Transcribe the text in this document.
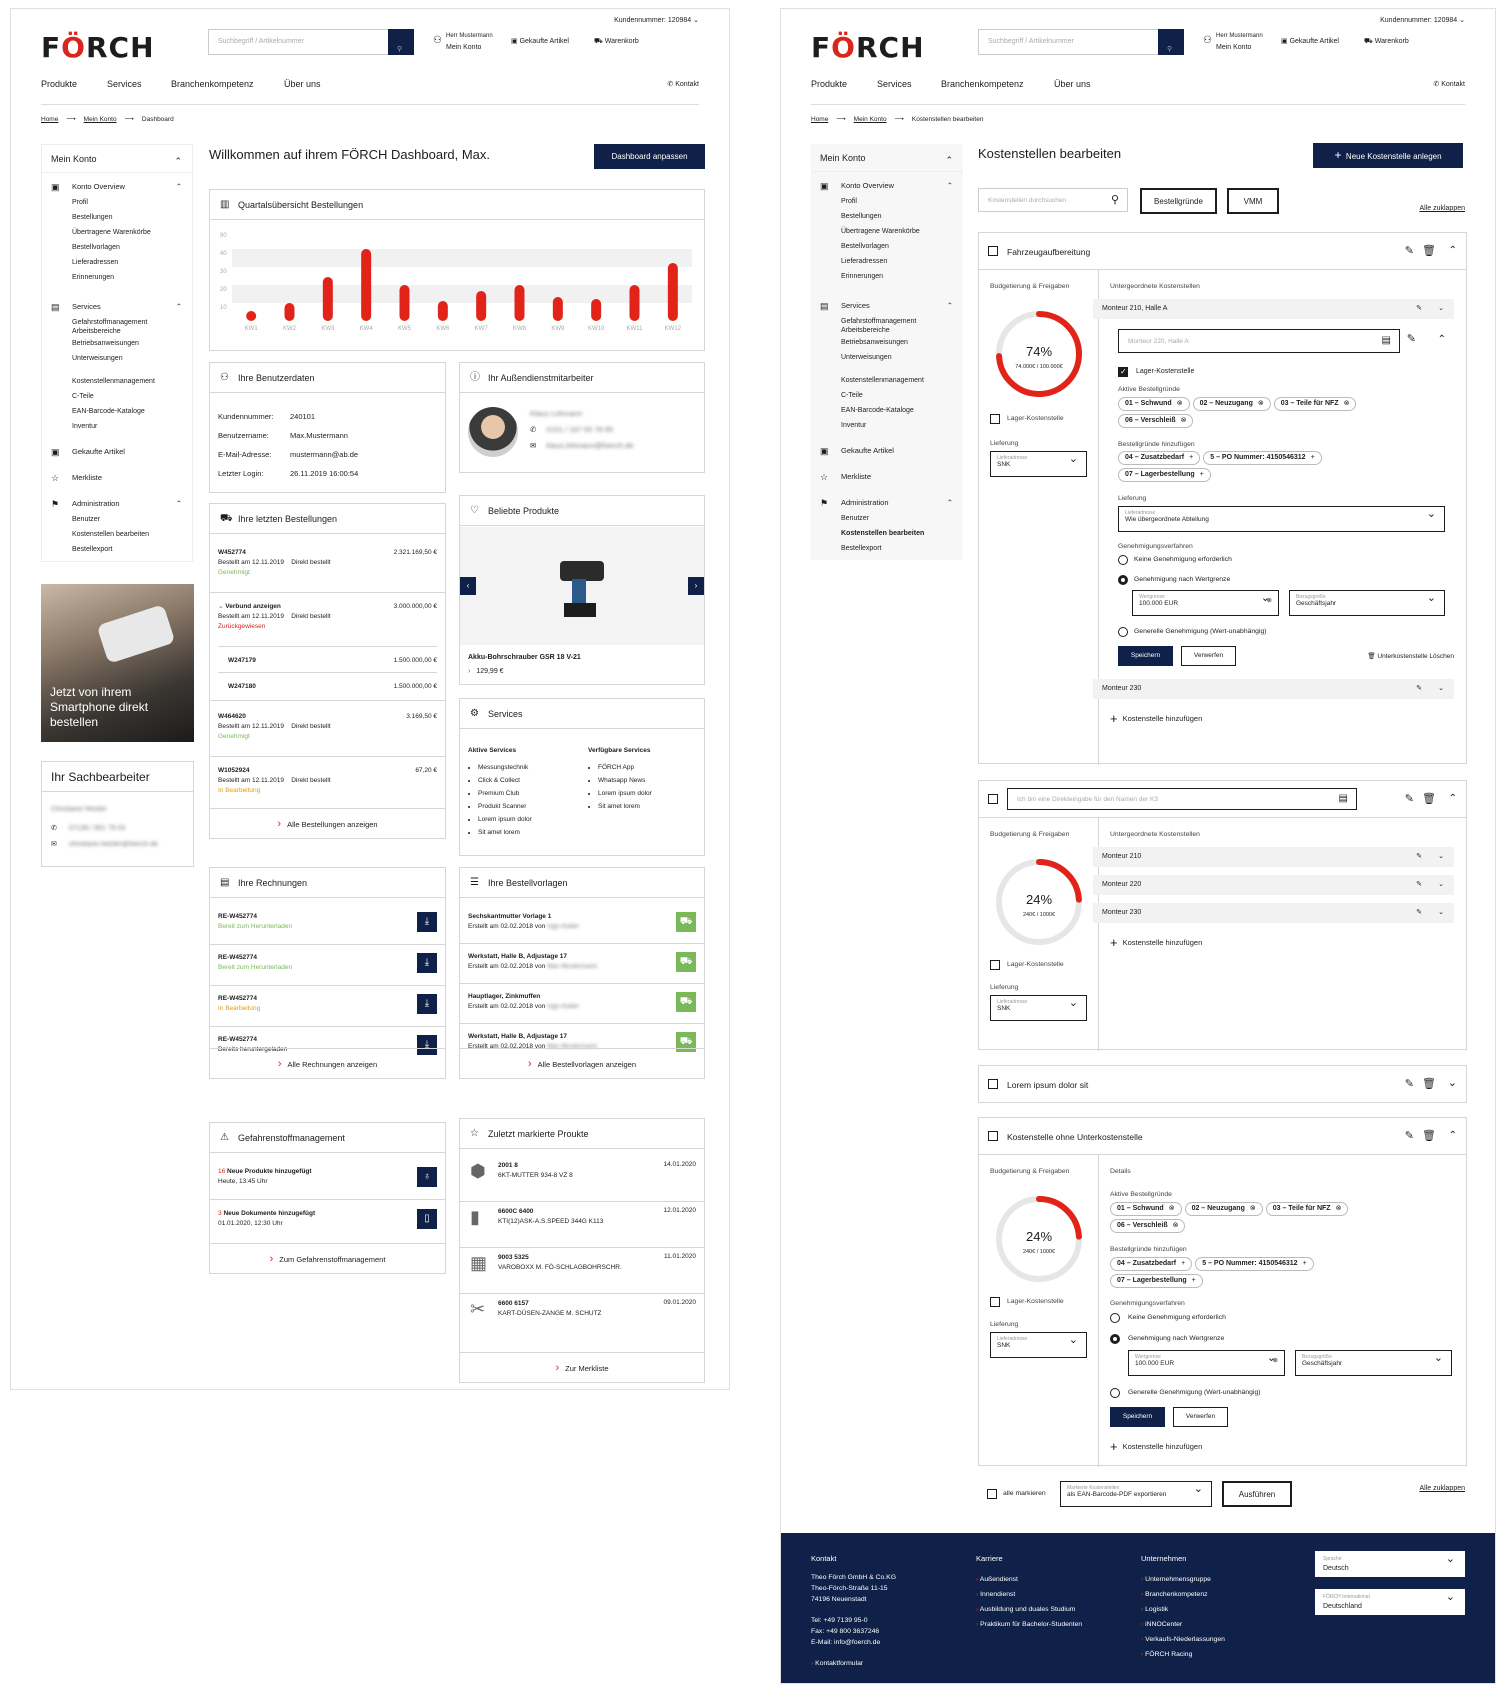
FÖRCH	Suchbegriff / Artikelnummer
⚲
Kundennummer: 120984 ⌄
⚇ Herr Mustermann
Mein Konto
▣ Gekaufte Artikel	⛟ Warenkorb
Produkte	Services	Branchenkompetenz	Über uns	✆ Kontakt
Home ⟶ Mein Konto ⟶ Dashboard
Mein Konto ⌃
▣ Konto Overview	⌃
Profil
Bestellungen
Übertragene Warenkörbe
Bestellvorlagen
Lieferadressen
Erinnerungen
▤ Services	⌃
Gefahrstoffmanagement Arbeitsbereiche
Betriebsanweisungen
Unterweisungen
Kostenstellenmanagement
C-Teile
EAN-Barcode-Kataloge
Inventur
▣ Gekaufte Artikel
☆ Merkliste
⚑ Administration	⌃
Benutzer
Kostenstellen bearbeiten
Bestellexport
Jetzt von ihrem Smartphone direkt bestellen
Ihr Sachbearbeiter
Christiane Hetzler
✆ 07139 / 951 79 03
✉ christiane.hetzler@foerch.de
Willkommen auf ihrem FÖRCH Dashboard, Max.	Dashboard anpassen
▥ Quartalsübersicht Bestellungen
90
40
30
20
10
KW1	KW2	KW3	KW4	KW5	KW6	KW7	KW8	KW9	KW10	KW11	KW12
⚇ Ihre Benutzerdaten
Kundennummer: 240101
Benutzername:	Max.Mustermann
E-Mail-Adresse: mustermann@ab.de
Letzter Login:	26.11.2019 16:00:54
ⓘ Ihr Außendienstmitarbeiter
Klaus Lohmann
✆ 0151 / 167 55 78 85
✉ klaus.lohmann@foerch.de
⛟ Ihre letzten Bestellungen
W452774	2.321.169,50 €

Bestellt am 12.11.2019 Direkt bestellt
Genehmigt
⌄ Verbund anzeigen	3.000.000,00 €

Bestellt am 12.11.2019 Direkt bestellt
Zurückgewiesen
W247179	1.500.000,00 €
W247180	1.500.000,00 €
W464620	3.169,50 €

Bestellt am 12.11.2019 Direkt bestellt
Genehmigt
W1052924	67,20 €

Bestellt am 12.11.2019 Direkt bestellt
In Bearbeitung
› Alle Bestellungen anzeigen
♡ Beliebte Produkte
‹	›
Akku-Bohrschrauber GSR 18 V-21
› 129,99 €
⚙ Services
Aktive Services	Verfügbare Services
• Messungstechnik
• Click & Collect
• Premium Club
• Produkt Scanner
• Lorem ipsum dolor
• Sit amet lorem
• FÖRCH App
• Whatsapp News
• Lorem ipsum dolor
• Sit amet lorem
▤ Ihre Rechnungen
RE-W452774
Bereit zum Herunterladen	⤓
RE-W452774
Bereit zum Herunterladen	⤓
RE-W452774
In Bearbeitung	⤓
RE-W452774
Bereits heruntergeladen	⤓
› Alle Rechnungen anzeigen
☰ Ihre Bestellvorlagen
Sechskantmutter Vorlage 1
Erstellt am 02.02.2018 von Ingo Kober	⛟
Werkstatt, Halle B, Adjustage 17
Erstellt am 02.02.2018 von Max Mustermann	⛟
Hauptlager, Zinkmuffen
Erstellt am 02.02.2018 von Ingo Kober	⛟
Werkstatt, Halle B, Adjustage 17
Erstellt am 02.02.2018 von Max Mustermann	⛟
› Alle Bestellvorlagen anzeigen
⚠ Gefahrenstoffmanagement
16 Neue Produkte hinzugefügt
Heute, 13:45 Uhr	♁
3 Neue Dokumente hinzugefügt
01.01.2020, 12:30 Uhr	▯
› Zum Gefahrenstoffmanagement
☆ Zuletzt markierte Proukte
⬢ 2001 8
6KT-MUTTER 934-8 VZ 8
14.01.2020
▮	6600C 6400
KTI(12)ASK-A.S.SPEED 344G K113
12.01.2020
▦ 9003 5325
VAROBOXX M. FÖ-SCHLAGBOHRSCHR.
11.01.2020
✂ 6600 6157
KART-DÜSEN-ZANGE M. SCHUTZ
09.01.2020
› Zur Merkliste
FÖRCH	Suchbegriff / Artikelnummer
⚲
Kundennummer: 120984 ⌄
⚇ Herr Mustermann
Mein Konto
▣ Gekaufte Artikel	⛟ Warenkorb
Produkte	Services	Branchenkompetenz	Über uns	✆ Kontakt
Home ⟶ Mein Konto ⟶ Kostenstellen bearbeiten
Mein Konto ⌃
▣ Konto Overview	⌃
Profil
Bestellungen
Übertragene Warenkörbe
Bestellvorlagen
Lieferadressen
Erinnerungen
▤ Services	⌃
Gefahrstoffmanagement Arbeitsbereiche
Betriebsanweisungen
Unterweisungen
Kostenstellenmanagement
C-Teile
EAN-Barcode-Kataloge
Inventur
▣ Gekaufte Artikel
☆ Merkliste
⚑ Administration	⌃
Benutzer
Kostenstellen bearbeiten
Bestellexport
Kostenstellen bearbeiten	+ Neue Kostenstelle anlegen
Kostenstellen durchsuchen	⚲	Bestellgründe	VMM
Alle zuklappen
Fahrzeugaufbereitung	✎ 🗑 ⌃
Budgetierung & Freigaben
74%
74.000€ / 100.000€
Lager-Kostenstelle
Lieferung
Lieferadresse
SNK ⌄
Untergeordnete Kostenstellen
Monteur 210, Halle A	✎ ⌄
Monteur 220, Halle A	▤ ✎ ⌃
✓ Lager-Kostenstelle
Aktive Bestellgründe
01 – Schwund ⊗ 02 – Neuzugang ⊗ 03 – Teile für NFZ ⊗06 – Verschleiß ⊗
Bestellgründe hinzufügen
04 – Zusatzbedarf + 5 – PO Nummer: 4150546312 +07 – Lagerbestellung +
Lieferung
Lieferadresse
Wie übergeordnete Abteilung ⌄
Genehmigungsverfahren
Keine Genehmigung erforderlich
Genehmigung nach Wertgrenze
Wertgrenze
100.000 EUR	⊗
⌄	Bezugsgröße
Geschäftsjahr ⌄
Generelle Genehmigung (Wert-unabhängig)
Speichern	Verwerfen	🗑 Unterkostenstelle Löschen
Monteur 230	✎ ⌄
+ Kostenstelle hinzufügen
Ich bin eine Direkteingabe für den Namen der KS	▤	✎ 🗑 ⌃
Budgetierung & Freigaben
24%
240€ / 1000€
Lager-Kostenstelle
Lieferung
Lieferadresse
SNK ⌄
Untergeordnete Kostenstellen
Monteur 210	✎ ⌄
Monteur 220	✎ ⌄
Monteur 230	✎ ⌄
+ Kostenstelle hinzufügen
Lorem ipsum dolor sit	✎ 🗑 ⌄
Kostenstelle ohne Unterkostenstelle	✎ 🗑 ⌃
Budgetierung & Freigaben
24%
240€ / 1000€
Lager-Kostenstelle
Lieferung
Lieferadresse
SNK ⌄
Details
Aktive Bestellgründe
01 – Schwund ⊗ 02 – Neuzugang ⊗ 03 – Teile für NFZ ⊗06 – Verschleiß ⊗
Bestellgründe hinzufügen
04 – Zusatzbedarf + 5 – PO Nummer: 4150546312 +07 – Lagerbestellung +
Genehmigungsverfahren
Keine Genehmigung erforderlich
Genehmigung nach Wertgrenze
Wertgrenze
100.000 EUR	⊗
⌄	Bezugsgröße
Geschäftsjahr ⌄
Generelle Genehmigung (Wert-unabhängig)
Speichern	Verwerfen
+ Kostenstelle hinzufügen
alle markieren
Markierte Kostenstellen
als EAN-Barcode-PDF exportieren ⌄	Ausführen
Alle zuklappen
Kontakt
Theo Förch GmbH & Co.KG
Theo-Förch-Straße 11-15
74196 Neuenstadt
Tel: +49 7139 95-0
Fax: +49 800 3637246
E-Mail: info@foerch.de
› Kontaktformular
Karriere
› Außendienst
› Innendienst
› Ausbildung und duales Studium
› Praktikum für Bachelor-Studenten
Unternehmen
› Unternehmensgruppe
› Branchenkompetenz
› Logistik
› iNNOCenter
› Verkaufs-Niederlassungen
› FÖRCH Racing
Sprache
Deutsch ⌄
FÖRCH International
Deutschland ⌄
